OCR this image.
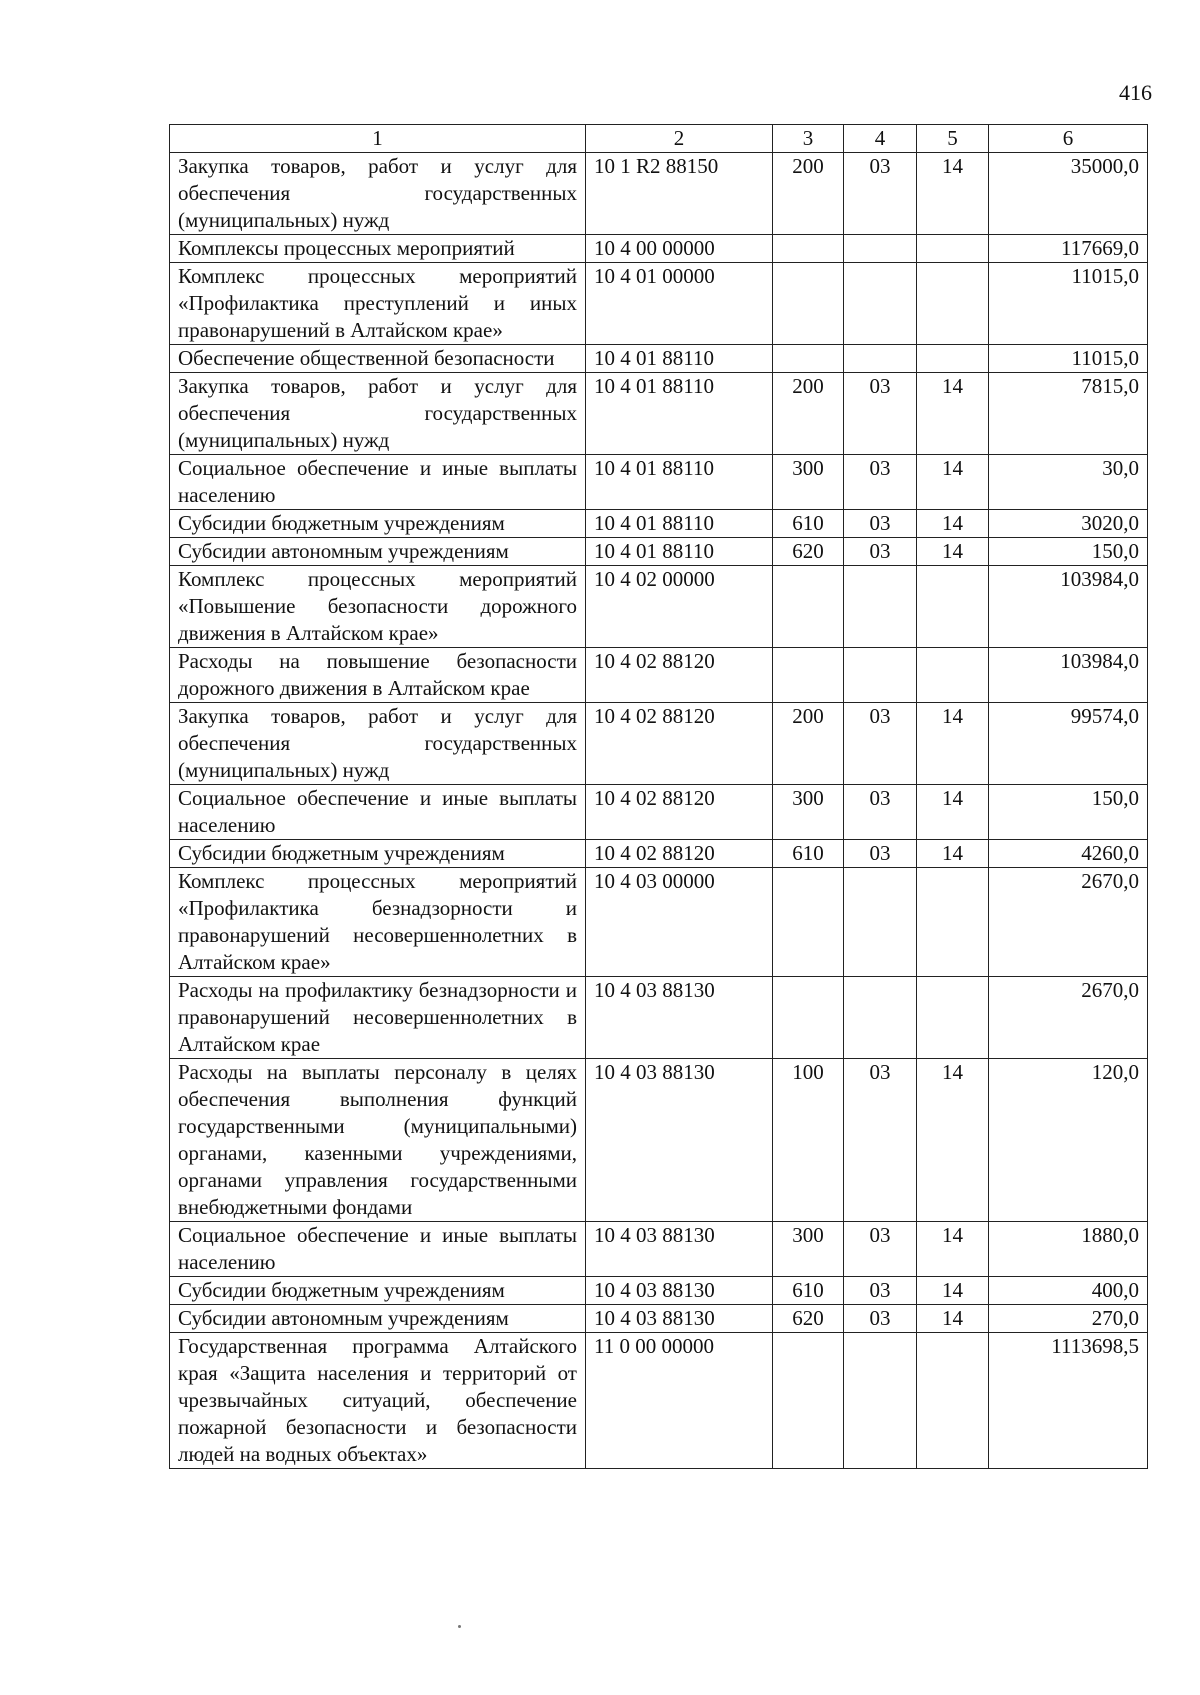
416
1	2	3	4	5	6
Закупка товаров, работ и услуг для обеспечения государственных (муниципальных) нужд	10 1 R2 88150	200	03	14	35000,0
Комплексы процессных мероприятий	10 4 00 00000				117669,0
Комплекс процессных мероприятий «Профилактика преступлений и иных правонарушений в Алтайском крае»	10 4 01 00000				11015,0
Обеспечение общественной безопасности	10 4 01 88110				11015,0
Закупка товаров, работ и услуг для обеспечения государственных (муниципальных) нужд	10 4 01 88110	200	03	14	7815,0
Социальное обеспечение и иные выплаты населению	10 4 01 88110	300	03	14	30,0
Субсидии бюджетным учреждениям	10 4 01 88110	610	03	14	3020,0
Субсидии автономным учреждениям	10 4 01 88110	620	03	14	150,0
Комплекс процессных мероприятий «Повышение безопасности дорожного движения в Алтайском крае»	10 4 02 00000				103984,0
Расходы на повышение безопасности дорожного движения в Алтайском крае	10 4 02 88120				103984,0
Закупка товаров, работ и услуг для обеспечения государственных (муниципальных) нужд	10 4 02 88120	200	03	14	99574,0
Социальное обеспечение и иные выплаты населению	10 4 02 88120	300	03	14	150,0
Субсидии бюджетным учреждениям	10 4 02 88120	610	03	14	4260,0
Комплекс процессных мероприятий «Профилактика безнадзорности и правонарушений несовершеннолетних в Алтайском крае»	10 4 03 00000				2670,0
Расходы на профилактику безнадзорности и правонарушений несовершеннолетних в Алтайском крае	10 4 03 88130				2670,0
Расходы на выплаты персоналу в целях обеспечения выполнения функций государственными (муниципальными) органами, казенными учреждениями, органами управления государственными внебюджетными фондами	10 4 03 88130	100	03	14	120,0
Социальное обеспечение и иные выплаты населению	10 4 03 88130	300	03	14	1880,0
Субсидии бюджетным учреждениям	10 4 03 88130	610	03	14	400,0
Субсидии автономным учреждениям	10 4 03 88130	620	03	14	270,0
Государственная программа Алтайского края «Защита населения и территорий от чрезвычайных ситуаций, обеспечение пожарной безопасности и безопасности людей на водных объектах»	11 0 00 00000				1113698,5
